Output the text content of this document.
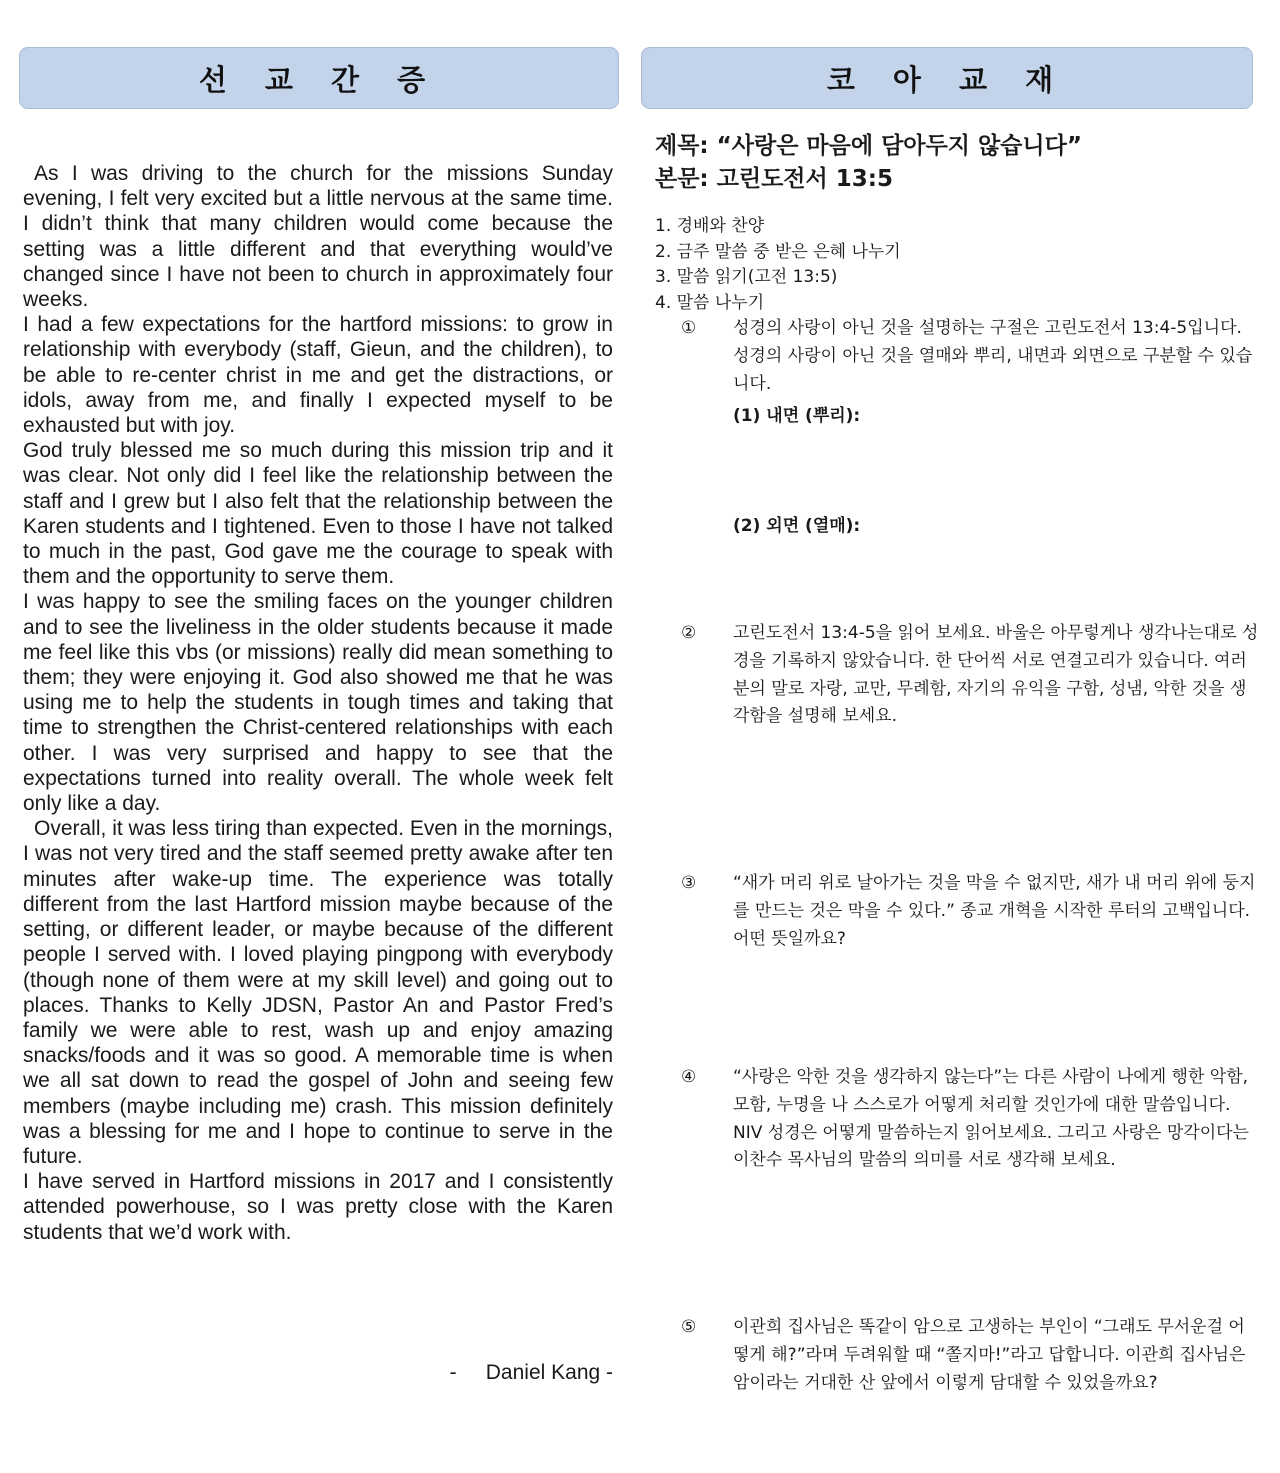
선 교 간 증	코 아 교 재

As I was driving to the church for the missions Sunday evening, I felt very excited but a little nervous at the same time. I didn’t think that many children would come because the setting was a little different and that everything would’ve changed since I have not been to church in approximately four weeks.

I had a few expectations for the hartford missions: to grow in relationship with everybody (staff, Gieun, and the children), to be able to re-center christ in me and get the distractions, or idols, away from me, and finally I expected myself to be exhausted but with joy.

God truly blessed me so much during this mission trip and it was clear. Not only did I feel like the relationship between the staff and I grew but I also felt that the relationship between the Karen students and I tightened. Even to those I have not talked to much in the past, God gave me the courage to speak with them and the opportunity to serve them.

I was happy to see the smiling faces on the younger children and to see the liveliness in the older students because it made me feel like this vbs (or missions) really did mean something to them; they were enjoying it. God also showed me that he was using me to help the students in tough times and taking that time to strengthen the Christ-centered relationships with each other. I was very surprised and happy to see that the expectations turned into reality overall. The whole week felt only like a day.

Overall, it was less tiring than expected. Even in the mornings, I was not very tired and the staff seemed pretty awake after ten minutes after wake-up time. The experience was totally different from the last Hartford mission maybe because of the setting, or different leader, or maybe because of the different people I served with. I loved playing pingpong with everybody (though none of them were at my skill level) and going out to places. Thanks to Kelly JDSN, Pastor An and Pastor Fred’s family we were able to rest, wash up and enjoy amazing snacks/foods and it was so good. A memorable time is when we all sat down to read the gospel of John and seeing few members (maybe including me) crash. This mission definitely was a blessing for me and I hope to continue to serve in the future.

I have served in Hartford missions in 2017 and I consistently attended powerhouse, so I was pretty close with the Karen students that we’d work with.

-     Daniel Kang -
제목: “사랑은 마음에 담아두지 않습니다”
본문: 고린도전서 13:5
1. 경배와 찬양
2. 금주 말씀 중 받은 은혜 나누기
3. 말씀 읽기(고전 13:5)
4. 말씀 나누기
①	성경의 사랑이 아닌 것을 설명하는 구절은 고린도전서 13:4-5입니다. 성경의 사랑이 아닌 것을 열매와 뿌리, 내면과 외면으로 구분할 수 있습니다.
(1) 내면 (뿌리):
(2) 외면 (열매):
②	고린도전서 13:4-5을 읽어 보세요. 바울은 아무렇게나 생각나는대로 성경을 기록하지 않았습니다. 한 단어씩 서로 연결고리가 있습니다. 여러분의 말로 자랑, 교만, 무례함, 자기의 유익을 구함, 성냄, 악한 것을 생각함을 설명해 보세요.
③	“새가 머리 위로 날아가는 것을 막을 수 없지만, 새가 내 머리 위에 둥지를 만드는 것은 막을 수 있다.” 종교 개혁을 시작한 루터의 고백입니다. 어떤 뜻일까요?
④	“사랑은 악한 것을 생각하지 않는다”는 다른 사람이 나에게 행한 악함, 모함, 누명을 나 스스로가 어떻게 처리할 것인가에 대한 말씀입니다. NIV 성경은 어떻게 말씀하는지 읽어보세요. 그리고 사랑은 망각이다는 이찬수 목사님의 말씀의 의미를 서로 생각해 보세요.
⑤	이관희 집사님은 똑같이 암으로 고생하는 부인이 “그래도 무서운걸 어떻게 해?”라며 두려워할 때 “쫄지마!”라고 답합니다. 이관희 집사님은 암이라는 거대한 산 앞에서 이렇게 담대할 수 있었을까요?
